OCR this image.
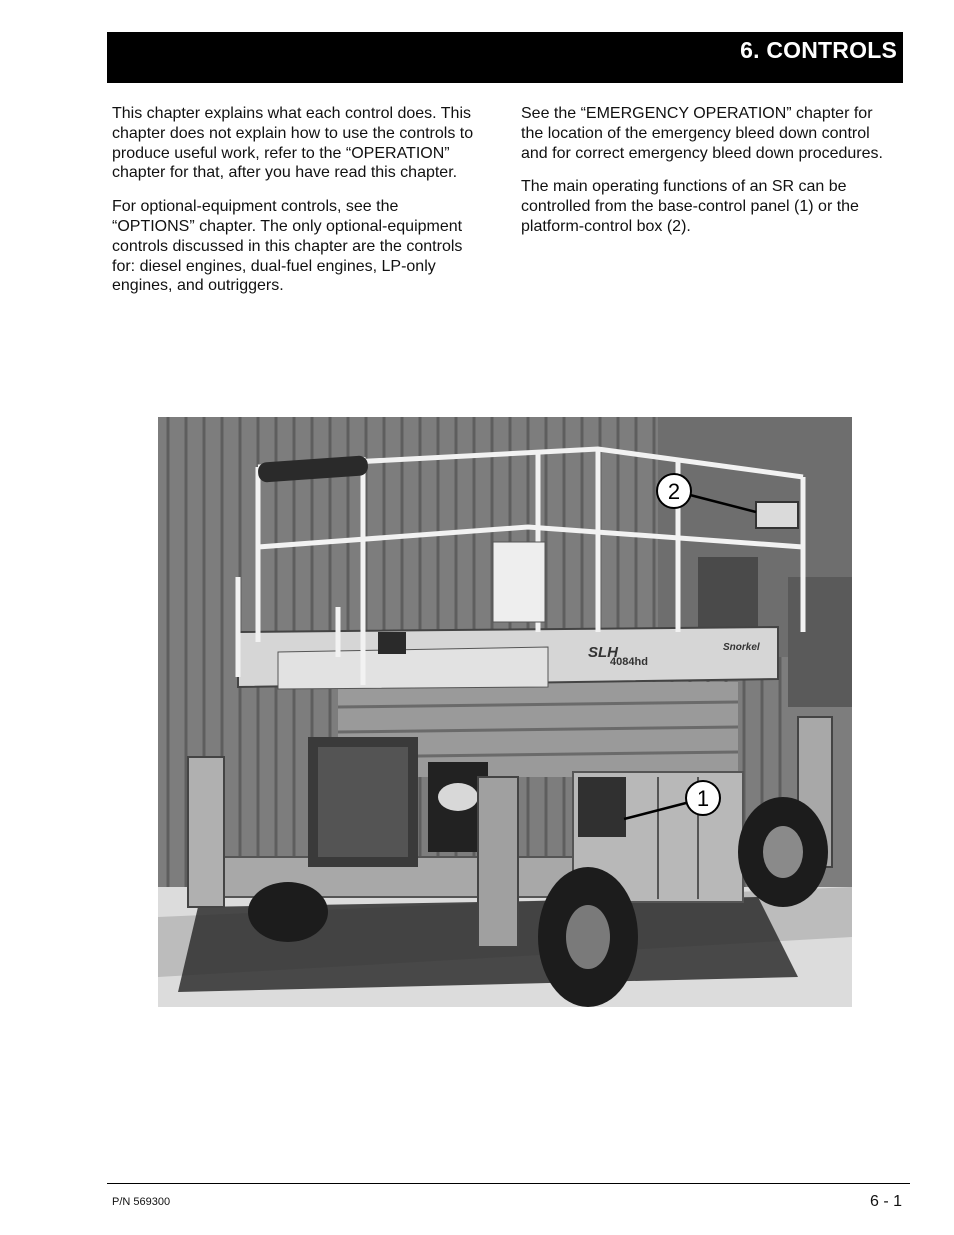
6. CONTROLS

This chapter explains what each control does. This chapter does not explain how to use the controls to produce useful work, refer to the “OPERATION” chapter for that, after you have read this chapter.

For optional-equipment controls, see the “OPTIONS” chapter. The only optional-equipment controls discussed in this chapter are the controls for: diesel engines, dual-fuel engines, LP-only engines, and outriggers.

See the “EMERGENCY OPERATION” chapter for the location of the emergency bleed down control and for correct emergency bleed down procedures.

The main operating functions of an SR can be controlled from the base-control panel (1) or the platform-control box (2).

2
1
SLH
4084hd
Snorkel
P/N 569300	6 - 1
